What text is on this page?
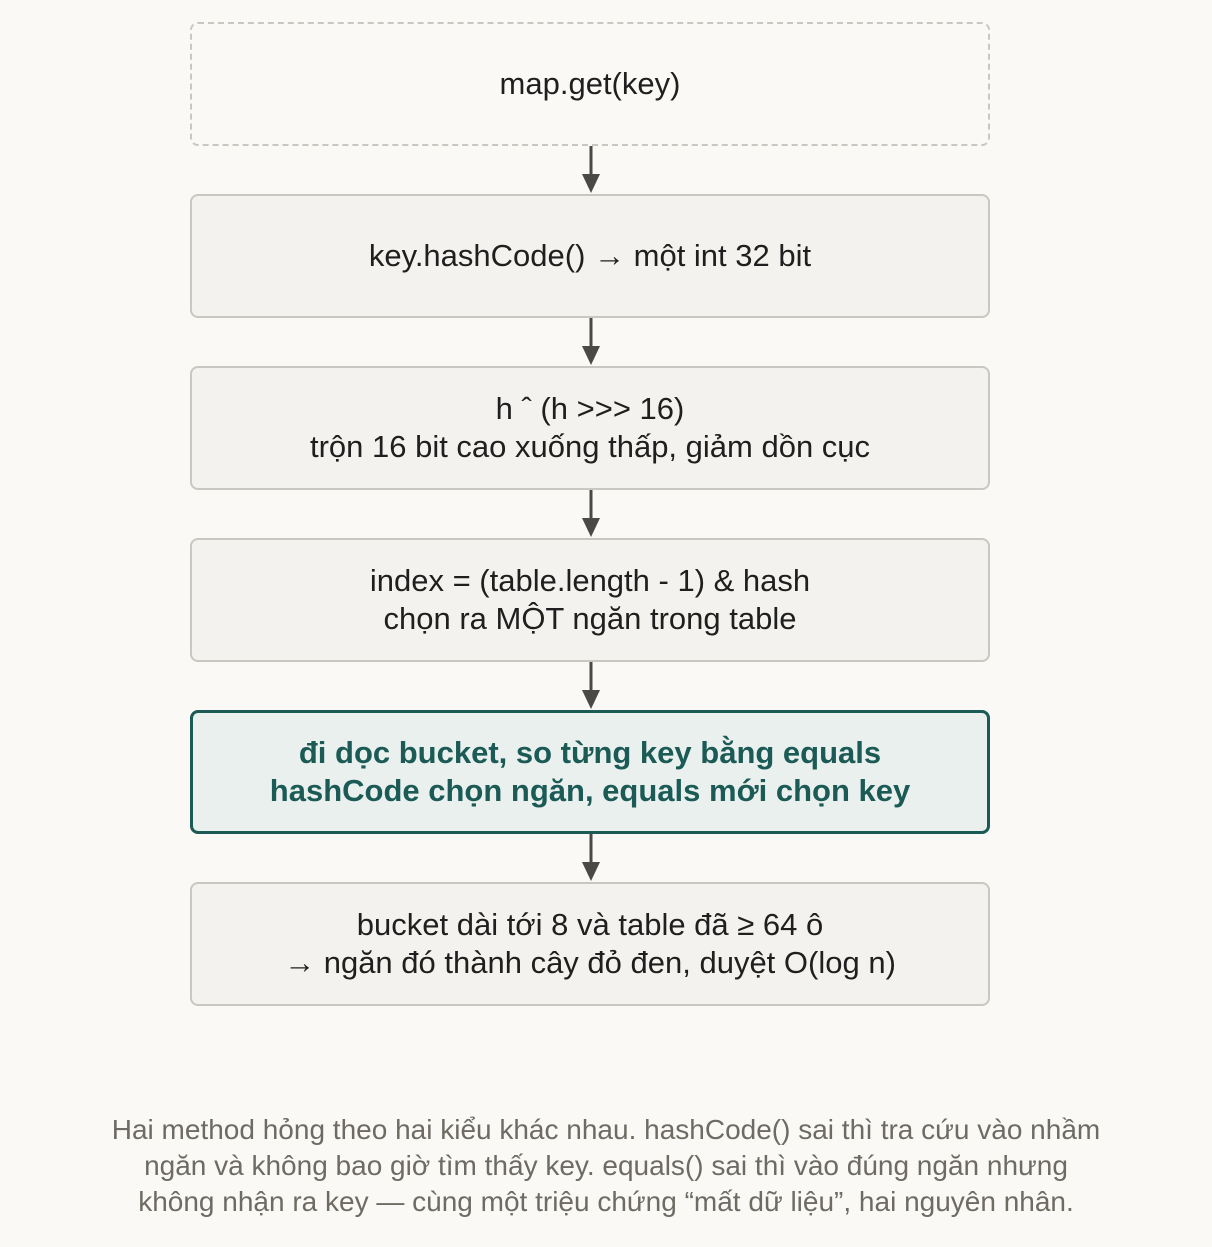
map.get(key)
key.hashCode() → một int 32 bit
h ˆ (h >>> 16)
trộn 16 bit cao xuống thấp, giảm dồn cục
index = (table.length - 1) & hash
chọn ra MỘT ngăn trong table
đi dọc bucket, so từng key bằng equals
hashCode chọn ngăn, equals mới chọn key
bucket dài tới 8 và table đã ≥ 64 ô
→ ngăn đó thành cây đỏ đen, duyệt O(log n)
Hai method hỏng theo hai kiểu khác nhau. hashCode() sai thì tra cứu vào nhầm
ngăn và không bao giờ tìm thấy key. equals() sai thì vào đúng ngăn nhưng
không nhận ra key — cùng một triệu chứng “mất dữ liệu”, hai nguyên nhân.
